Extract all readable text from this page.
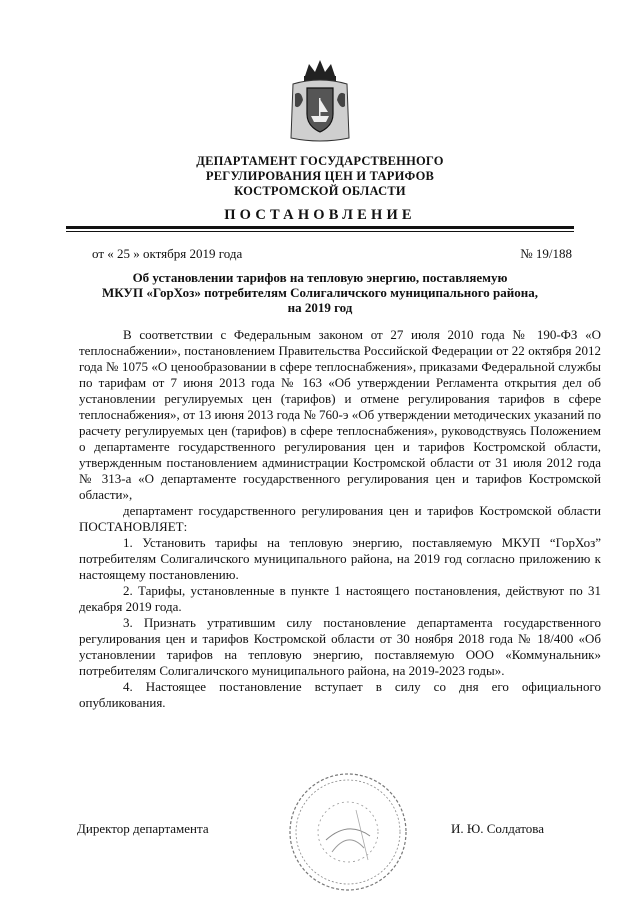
ДЕПАРТАМЕНТ ГОСУДАРСТВЕННОГО
РЕГУЛИРОВАНИЯ ЦЕН И ТАРИФОВ
КОСТРОМСКОЙ ОБЛАСТИ
ПОСТАНОВЛЕНИЕ
от « 25 » октября 2019 года	№ 19/188
Об установлении тарифов на тепловую энергию, поставляемую
МКУП «ГорХоз» потребителям Солигаличского муниципального района,
на 2019 год

В соответствии с Федеральным законом от 27 июля 2010 года № 190-ФЗ «О теплоснабжении», постановлением Правительства Российской Федерации от 22 октября 2012 года № 1075 «О ценообразовании в сфере теплоснабжения», приказами Федеральной службы по тарифам от 7 июня 2013 года № 163 «Об утверждении Регламента открытия дел об установлении регулируемых цен (тарифов) и отмене регулирования тарифов в сфере теплоснабжения», от 13 июня 2013 года № 760-э «Об утверждении методических указаний по расчету регулируемых цен (тарифов) в сфере теплоснабжения», руководствуясь Положением о департаменте государственного регулирования цен и тарифов Костромской области, утвержденным постановлением администрации Костромской области от 31 июля 2012 года № 313-а «О департаменте государственного регулирования цен и тарифов Костромской области»,

департамент государственного регулирования цен и тарифов Костромской области ПОСТАНОВЛЯЕТ:

1. Установить тарифы на тепловую энергию, поставляемую МКУП “ГорХоз” потребителям Солигаличского муниципального района, на 2019 год согласно приложению к настоящему постановлению.

2. Тарифы, установленные в пункте 1 настоящего постановления, действуют по 31 декабря 2019 года.

3. Признать утратившим силу постановление департамента государственного регулирования цен и тарифов Костромской области от 30 ноября 2018 года № 18/400 «Об установлении тарифов на тепловую энергию, поставляемую ООО «Коммунальник» потребителям Солигаличского муниципального района, на 2019-2023 годы».

4. Настоящее постановление вступает в силу со дня его официального опубликования.

Директор департамента	И. Ю. Солдатова
